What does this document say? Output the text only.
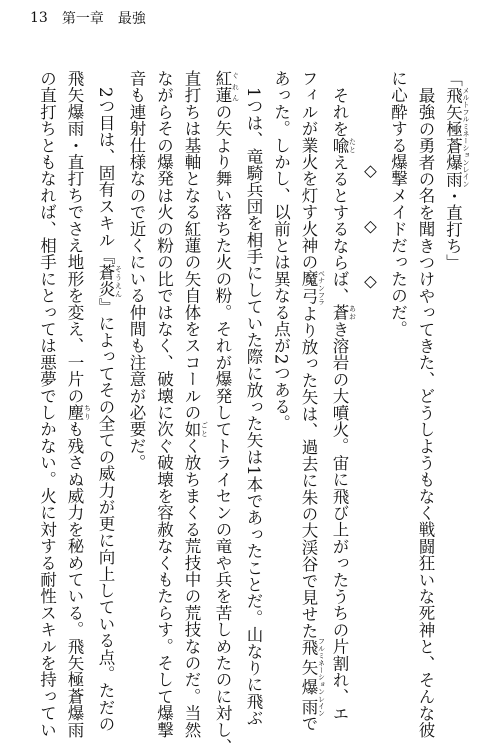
13 第一章 最強
「飛矢極蒼爆雨 メルトフルミネーションレイン・直打ち」
最強の勇者の名を聞きつけやってきた、どうしようもなく戦闘狂いな死神と、そんな彼
に心酔する爆撃メイドだったのだ。
◇◇◇
それを喩 たとえるとするならば、蒼 あおき溶岩の大噴火。宙に飛び上がったうちの片割れ、エ
フィルが業火を灯す火神の魔弓 ベナンフラより放った矢は、過去に朱の大渓谷で見せた飛矢爆雨 フルミネーションレインで
あった。しかし、以前とは異なる点が2つある。
1つは、竜騎兵団を相手にしていた際に放った矢は1本であったことだ。山なりに飛ぶ
紅蓮 ぐれんの矢より舞い落ちた火の粉。それが爆発してトライセンの竜や兵を苦しめたのに対し、
直打ちは基軸となる紅蓮の矢自体をスコールの如 ごとく放ちまくる荒技中の荒技なのだ。当然
ながらその爆発は火の粉の比ではなく、破壊に次ぐ破壊を容赦なくもたらす。そして爆撃
音も連射仕様なので近くにいる仲間も注意が必要だ。
2つ目は、固有スキル『蒼炎 そうえん』によってその全ての威力が更に向上している点。ただの
飛矢爆雨・直打ちでさえ地形を変え、一片の塵 ちりも残さぬ威力を秘めている。飛矢極蒼爆雨
の直打ちともなれば、相手にとっては悪夢でしかない。火に対する耐性スキルを持ってい
